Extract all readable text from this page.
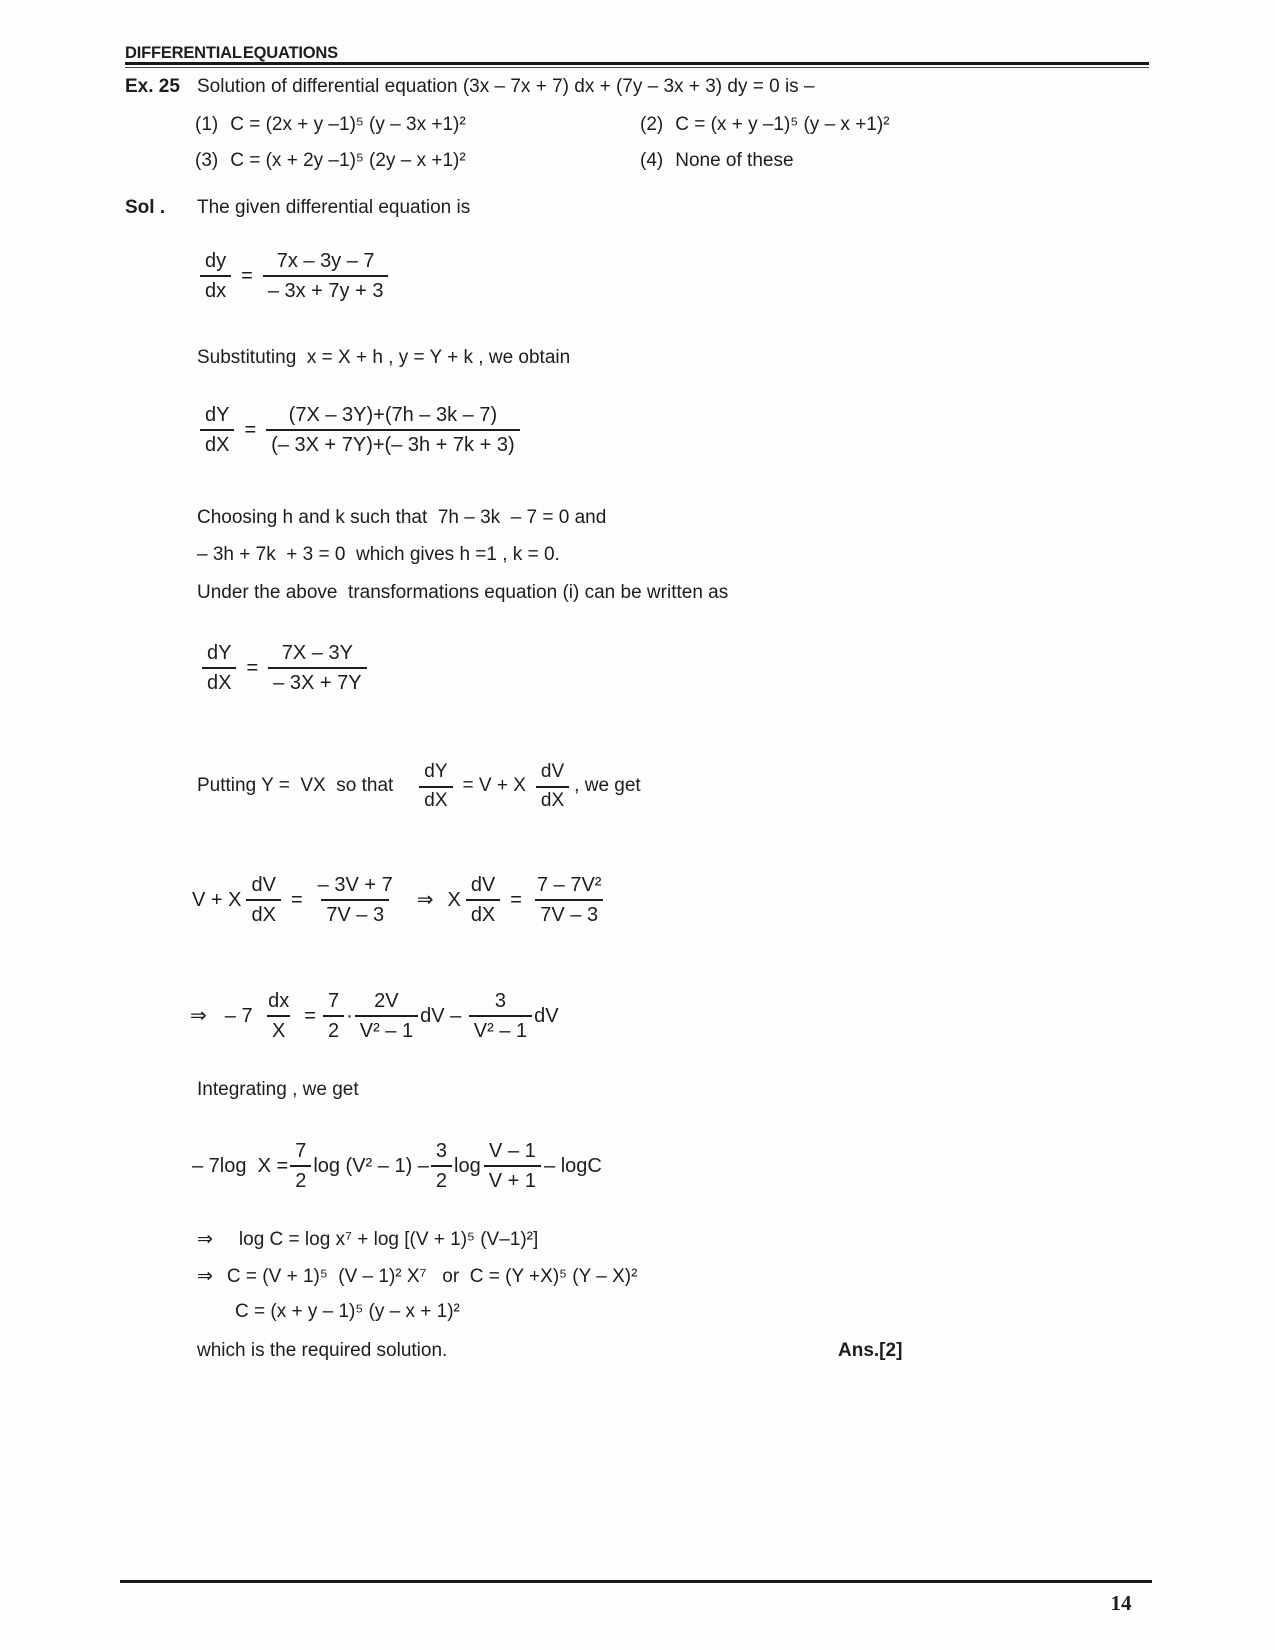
DIFFERENTIAL EQUATIONS
Ex. 25 Solution of differential equation (3x – 7x + 7) dx + (7y – 3x + 3) dy = 0 is –
(1) C = (2x + y –1)⁵ (y – 3x +1)²	(2) C = (x + y –1)⁵ (y – x +1)²
(3) C = (x + 2y –1)⁵ (2y – x +1)²	(4) None of these
Sol . The given differential equation is
$\frac{dy}{dx} = \frac{7x - 3y - 7}{- 3x + 7y + 3}$
Substituting  x = X + h , y = Y + k , we obtain
$\frac{dY}{dX} = \frac{(7X - 3Y)+(7h - 3k - 7)}{(- 3X + 7Y)+(- 3h + 7k + 3)}$
Choosing h and k such that  7h – 3k  – 7 = 0 and
– 3h + 7k  + 3 = 0  which gives h =1 , k = 0.
Under the above  transformations equation (i) can be written as
$\frac{dY}{dX} = \frac{7X - 3Y}{- 3X + 7Y}$
Putting Y =  VX  so that $\frac{dY}{dX} = V + X \frac{dV}{dX}$ , we get
V + X $\frac{dV}{dX} = \frac{- 3V + 7}{7V - 3}$ ⇒ X $\frac{dV}{dX} = \frac{\text{7 – 7V²}}{7V - 3}$
⇒ – $7 \frac{dx}{X} = \frac{7}{2} \cdot \frac{2V}{\text{V² – 1}}$ dV – $\frac{3}{\text{V² – 1}}$ dV
Integrating , we get
– 7log  $X = \frac{7}{2}$ $\log (V^2 - 1) - \frac{3}{2}$ $\log \frac{V - 1}{V + 1}$ – logC
⇒ log C = log x⁷ + log [(V + 1)⁵ (V–1)²]
⇒ C = (V + 1)⁵  (V – 1)² X⁷   or  C = (Y +X)⁵ (Y – X)²
C = (x + y – 1)⁵ (y – x + 1)²
which is the required solution.	Ans.[2]
14
